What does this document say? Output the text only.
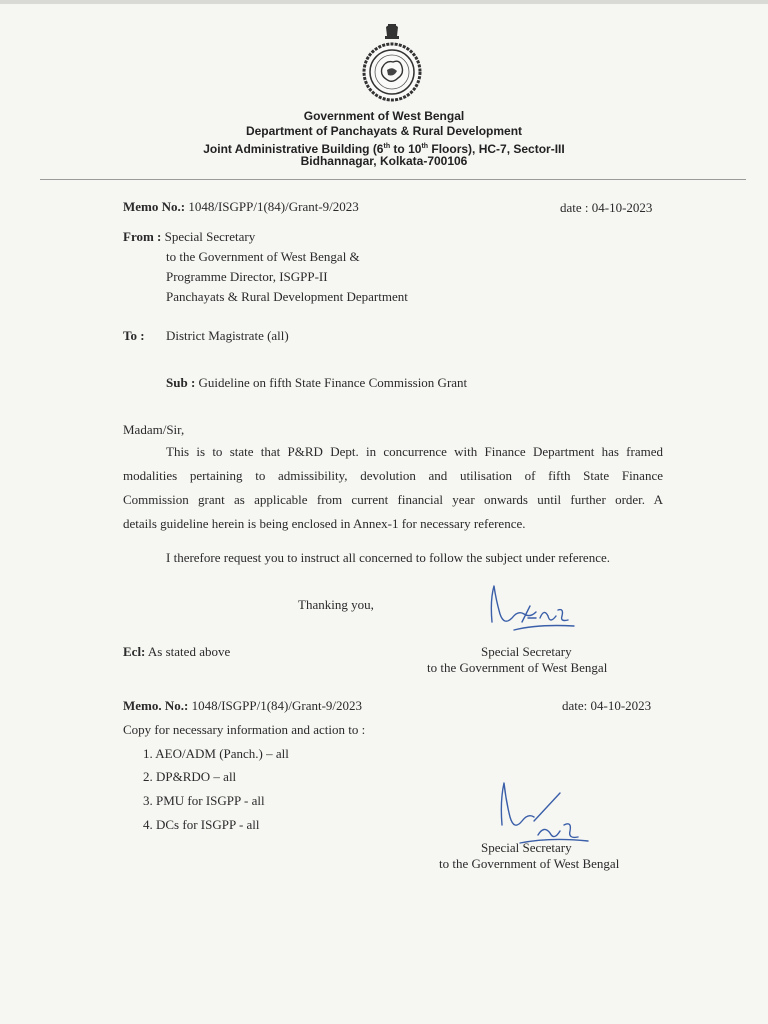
Government of West Bengal
Department of Panchayats & Rural Development
Joint Administrative Building (6th to 10th Floors), HC-7, Sector-III
Bidhannagar, Kolkata-700106
Memo No.: 1048/ISGPP/1(84)/Grant-9/2023	date : 04-10-2023
From : Special Secretary
to the Government of West Bengal &
Programme Director, ISGPP-II
Panchayats & Rural Development Department
To : District Magistrate (all)
Sub : Guideline on fifth State Finance Commission Grant
Madam/Sir,
This is to state that P&RD Dept. in concurrence with Finance Department has framed
modalities pertaining to admissibility, devolution and utilisation of fifth State Finance
Commission grant as applicable from current financial year onwards until further order. A
details guideline herein is being enclosed in Annex-1 for necessary reference.
I therefore request you to instruct all concerned to follow the subject under reference.
Thanking you,
Special Secretary
to the Government of West Bengal
Ecl: As stated above
Memo. No.: 1048/ISGPP/1(84)/Grant-9/2023	date: 04-10-2023
Copy for necessary information and action to :
1. AEO/ADM (Panch.) – all
2. DP&RDO – all
3. PMU for ISGPP - all
4. DCs for ISGPP - all
Special Secretary
to the Government of West Bengal
